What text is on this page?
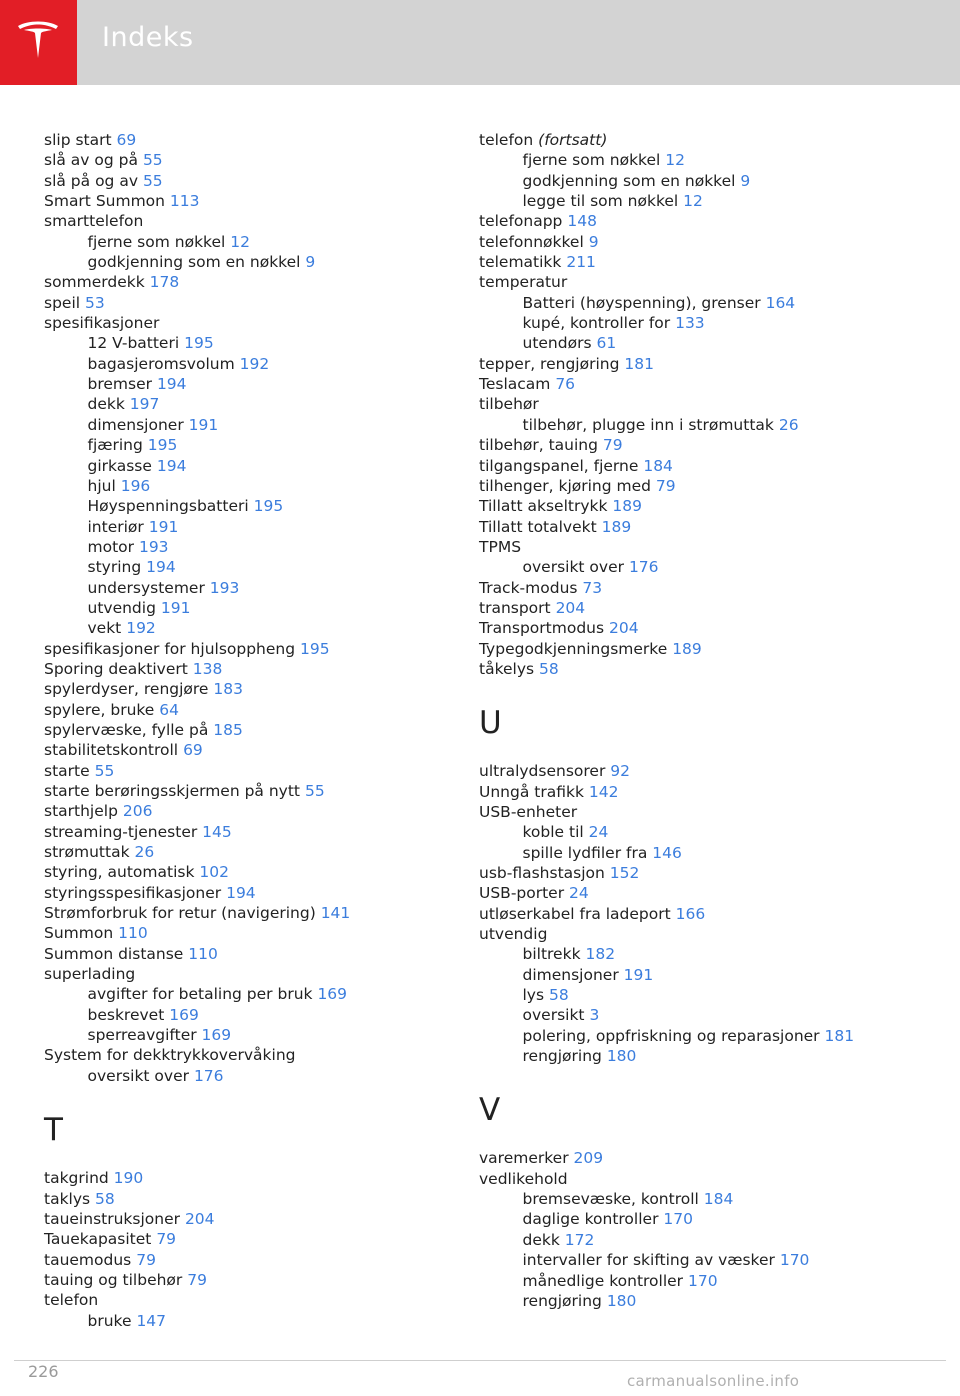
Indeks
slip start 69
slå av og på 55
slå på og av 55
Smart Summon 113
smarttelefon
fjerne som nøkkel 12
godkjenning som en nøkkel 9
sommerdekk 178
speil 53
spesifikasjoner
12 V-batteri 195
bagasjeromsvolum 192
bremser 194
dekk 197
dimensjoner 191
fjæring 195
girkasse 194
hjul 196
Høyspenningsbatteri 195
interiør 191
motor 193
styring 194
undersystemer 193
utvendig 191
vekt 192
spesifikasjoner for hjulsoppheng 195
Sporing deaktivert 138
spylerdyser, rengjøre 183
spylere, bruke 64
spylervæske, fylle på 185
stabilitetskontroll 69
starte 55
starte berøringsskjermen på nytt 55
starthjelp 206
streaming-tjenester 145
strømuttak 26
styring, automatisk 102
styringsspesifikasjoner 194
Strømforbruk for retur (navigering) 141
Summon 110
Summon distanse 110
superlading
avgifter for betaling per bruk 169
beskrevet 169
sperreavgifter 169
System for dekktrykkovervåking
oversikt over 176
T
takgrind 190
taklys 58
taueinstruksjoner 204
Tauekapasitet 79
tauemodus 79
tauing og tilbehør 79
telefon
bruke 147
telefon (fortsatt)
fjerne som nøkkel 12
godkjenning som en nøkkel 9
legge til som nøkkel 12
telefonapp 148
telefonnøkkel 9
telematikk 211
temperatur
Batteri (høyspenning), grenser 164
kupé, kontroller for 133
utendørs 61
tepper, rengjøring 181
Teslacam 76
tilbehør
tilbehør, plugge inn i strømuttak 26
tilbehør, tauing 79
tilgangspanel, fjerne 184
tilhenger, kjøring med 79
Tillatt akseltrykk 189
Tillatt totalvekt 189
TPMS
oversikt over 176
Track-modus 73
transport 204
Transportmodus 204
Typegodkjenningsmerke 189
tåkelys 58
U
ultralydsensorer 92
Unngå trafikk 142
USB-enheter
koble til 24
spille lydfiler fra 146
usb-flashstasjon 152
USB-porter 24
utløserkabel fra ladeport 166
utvendig
biltrekk 182
dimensjoner 191
lys 58
oversikt 3
polering, oppfriskning og reparasjoner 181
rengjøring 180
V
varemerker 209
vedlikehold
bremsevæske, kontroll 184
daglige kontroller 170
dekk 172
intervaller for skifting av væsker 170
månedlige kontroller 170
rengjøring 180
226	carmanualsonline.info
